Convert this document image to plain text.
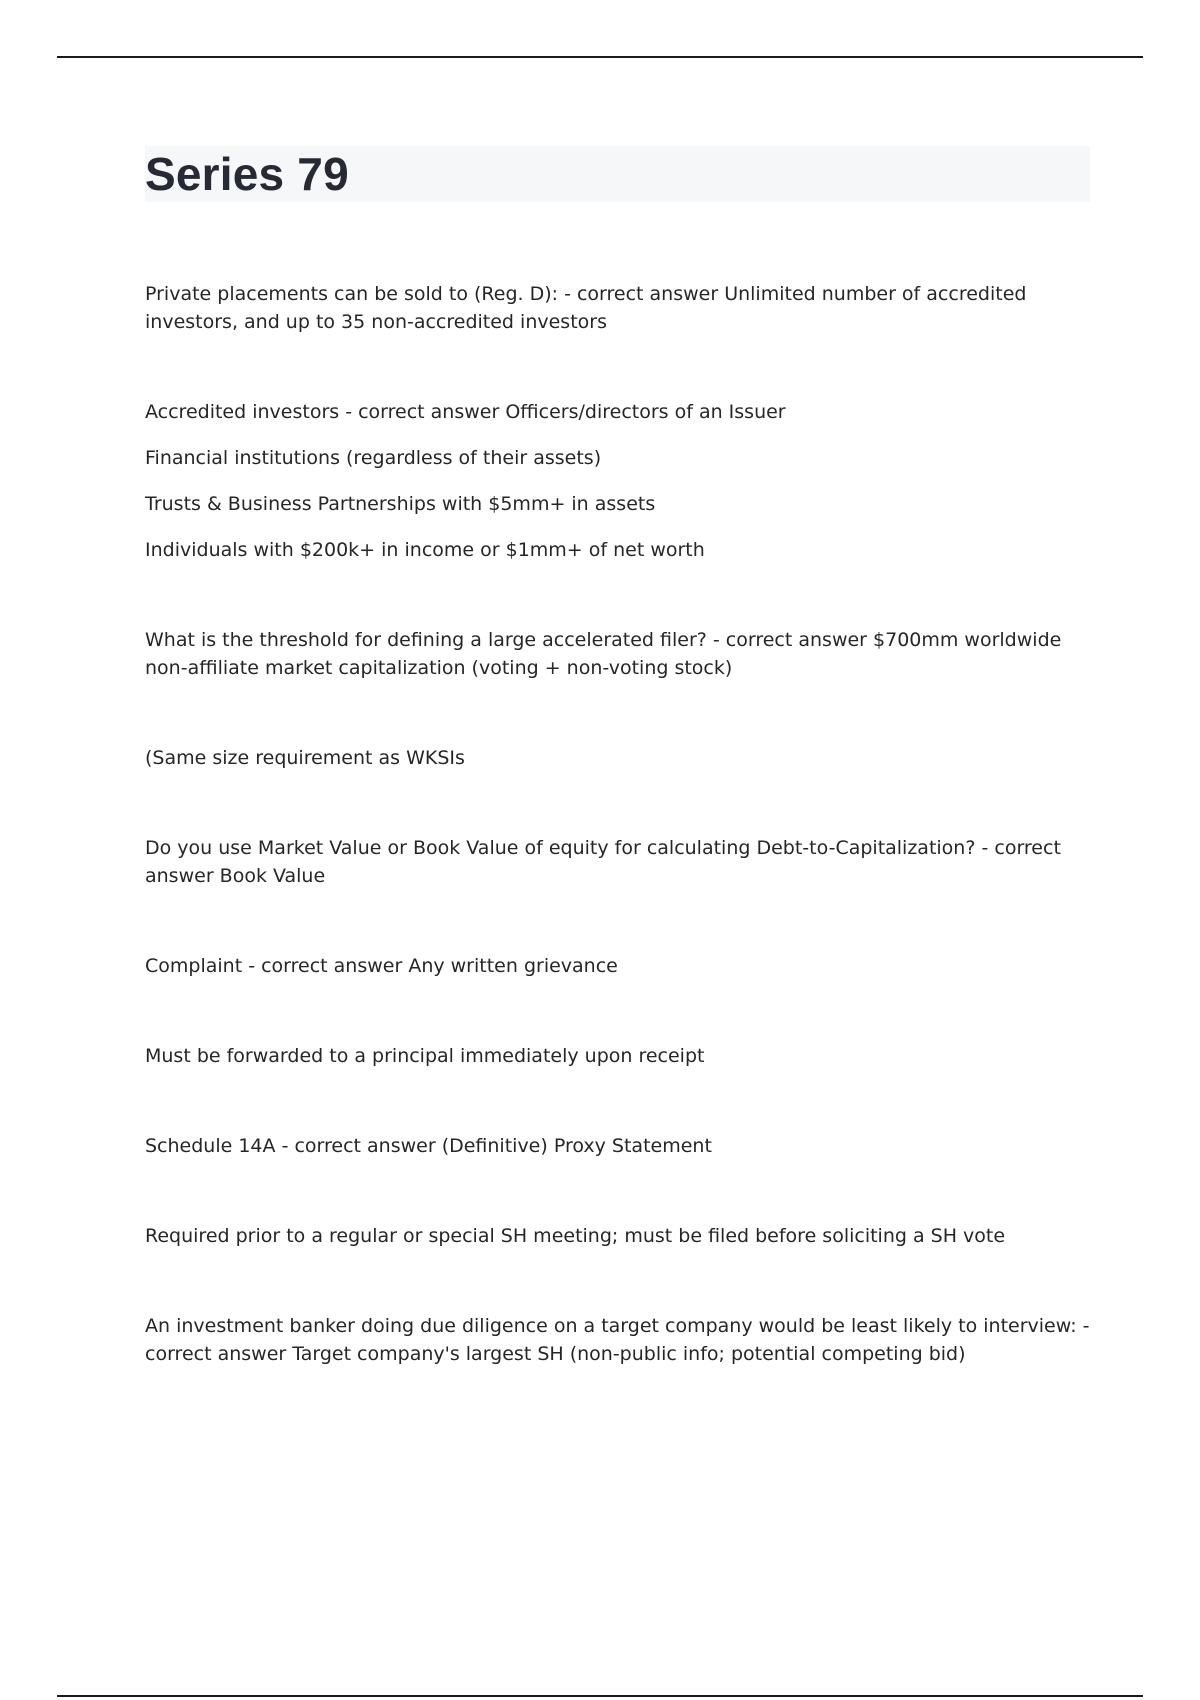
Series 79

Private placements can be sold to (Reg. D): - correct answer Unlimited number of accredited investors, and up to 35 non-accredited investors

Accredited investors - correct answer Officers/directors of an Issuer

Financial institutions (regardless of their assets)

Trusts & Business Partnerships with $5mm+ in assets

Individuals with $200k+ in income or $1mm+ of net worth

What is the threshold for defining a large accelerated filer? - correct answer $700mm worldwide non-affiliate market capitalization (voting + non-voting stock)

(Same size requirement as WKSIs

Do you use Market Value or Book Value of equity for calculating Debt-to-Capitalization? - correct answer Book Value

Complaint - correct answer Any written grievance

Must be forwarded to a principal immediately upon receipt

Schedule 14A - correct answer (Definitive) Proxy Statement

Required prior to a regular or special SH meeting; must be filed before soliciting a SH vote

An investment banker doing due diligence on a target company would be least likely to interview: - correct answer Target company's largest SH (non-public info; potential competing bid)
